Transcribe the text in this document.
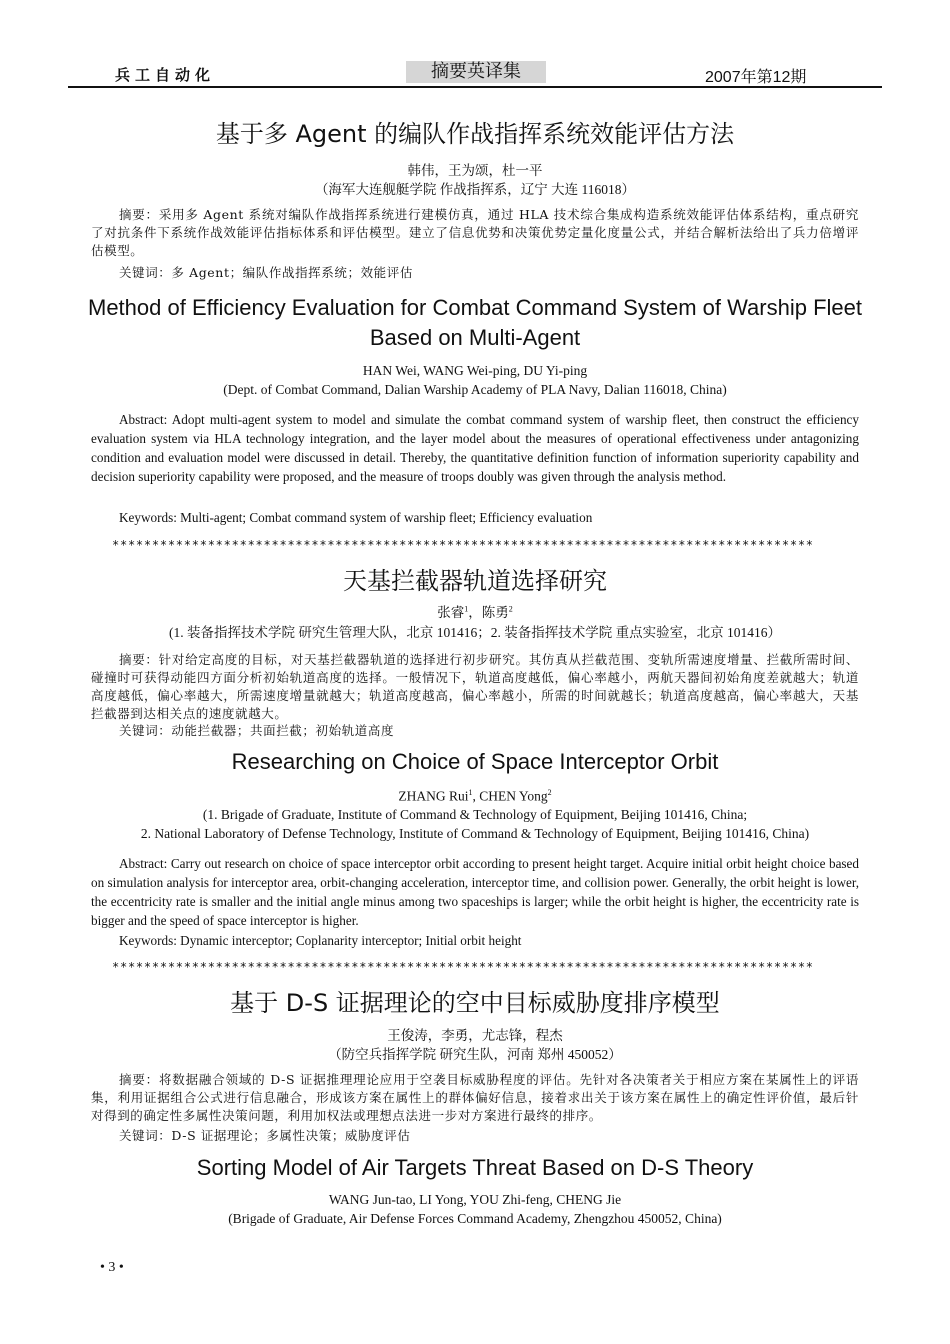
兵工自动化	摘要英译集	2007年第12期
基于多 Agent 的编队作战指挥系统效能评估方法
韩伟，王为颂，杜一平
（海军大连舰艇学院 作战指挥系，辽宁 大连 116018）
摘要：采用多 Agent 系统对编队作战指挥系统进行建模仿真，通过 HLA 技术综合集成构造系统效能评估体系结构，重点研究了对抗条件下系统作战效能评估指标体系和评估模型。建立了信息优势和决策优势定量化度量公式，并结合解析法给出了兵力倍增评估模型。
关键词：多 Agent；编队作战指挥系统；效能评估
Method of Efficiency Evaluation for Combat Command System of Warship Fleet
Based on Multi-Agent
HAN Wei, WANG Wei-ping, DU Yi-ping
(Dept. of Combat Command, Dalian Warship Academy of PLA Navy, Dalian 116018, China)
Abstract: Adopt multi-agent system to model and simulate the combat command system of warship fleet, then construct the efficiency evaluation system via HLA technology integration, and the layer model about the measures of operational effectiveness under antagonizing condition and evaluation model were discussed in detail. Thereby, the quantitative definition function of information superiority capability and decision superiority capability were proposed, and the measure of troops doubly was given through the analysis method.
Keywords: Multi-agent; Combat command system of warship fleet; Efficiency evaluation
****************************************************************************************
天基拦截器轨道选择研究
张睿$^1$，陈勇$^2$
(1. 装备指挥技术学院 研究生管理大队，北京 101416；2. 装备指挥技术学院 重点实验室，北京 101416）
摘要：针对给定高度的目标，对天基拦截器轨道的选择进行初步研究。其仿真从拦截范围、变轨所需速度增量、拦截所需时间、碰撞时可获得动能四方面分析初始轨道高度的选择。一般情况下，轨道高度越低，偏心率越小，两航天器间初始角度差就越大；轨道高度越低，偏心率越大，所需速度增量就越大；轨道高度越高，偏心率越小，所需的时间就越长；轨道高度越高，偏心率越大，天基拦截器到达相关点的速度就越大。
关键词：动能拦截器；共面拦截；初始轨道高度
Researching on Choice of Space Interceptor Orbit
ZHANG Rui$^1$, CHEN Yong$^2$
(1. Brigade of Graduate, Institute of Command & Technology of Equipment, Beijing 101416, China;
2. National Laboratory of Defense Technology, Institute of Command & Technology of Equipment, Beijing 101416, China)
Abstract: Carry out research on choice of space interceptor orbit according to present height target. Acquire initial orbit height choice based on simulation analysis for interceptor area, orbit-changing acceleration, interceptor time, and collision power. Generally, the orbit height is lower, the eccentricity rate is smaller and the initial angle minus among two spaceships is larger; while the orbit height is higher, the eccentricity rate is bigger and the speed of space interceptor is higher.
Keywords: Dynamic interceptor; Coplanarity interceptor; Initial orbit height
****************************************************************************************
基于 D-S 证据理论的空中目标威胁度排序模型
王俊涛，李勇，尤志锋，程杰
（防空兵指挥学院 研究生队，河南 郑州 450052）
摘要：将数据融合领域的 D-S 证据推理理论应用于空袭目标威胁程度的评估。先针对各决策者关于相应方案在某属性上的评语集，利用证据组合公式进行信息融合，形成该方案在属性上的群体偏好信息，接着求出关于该方案在属性上的确定性评价值，最后针对得到的确定性多属性决策问题，利用加权法或理想点法进一步对方案进行最终的排序。
关键词：D-S 证据理论；多属性决策；威胁度评估
Sorting Model of Air Targets Threat Based on D-S Theory
WANG Jun-tao, LI Yong, YOU Zhi-feng, CHENG Jie
(Brigade of Graduate, Air Defense Forces Command Academy, Zhengzhou 450052, China)
• 3 •
